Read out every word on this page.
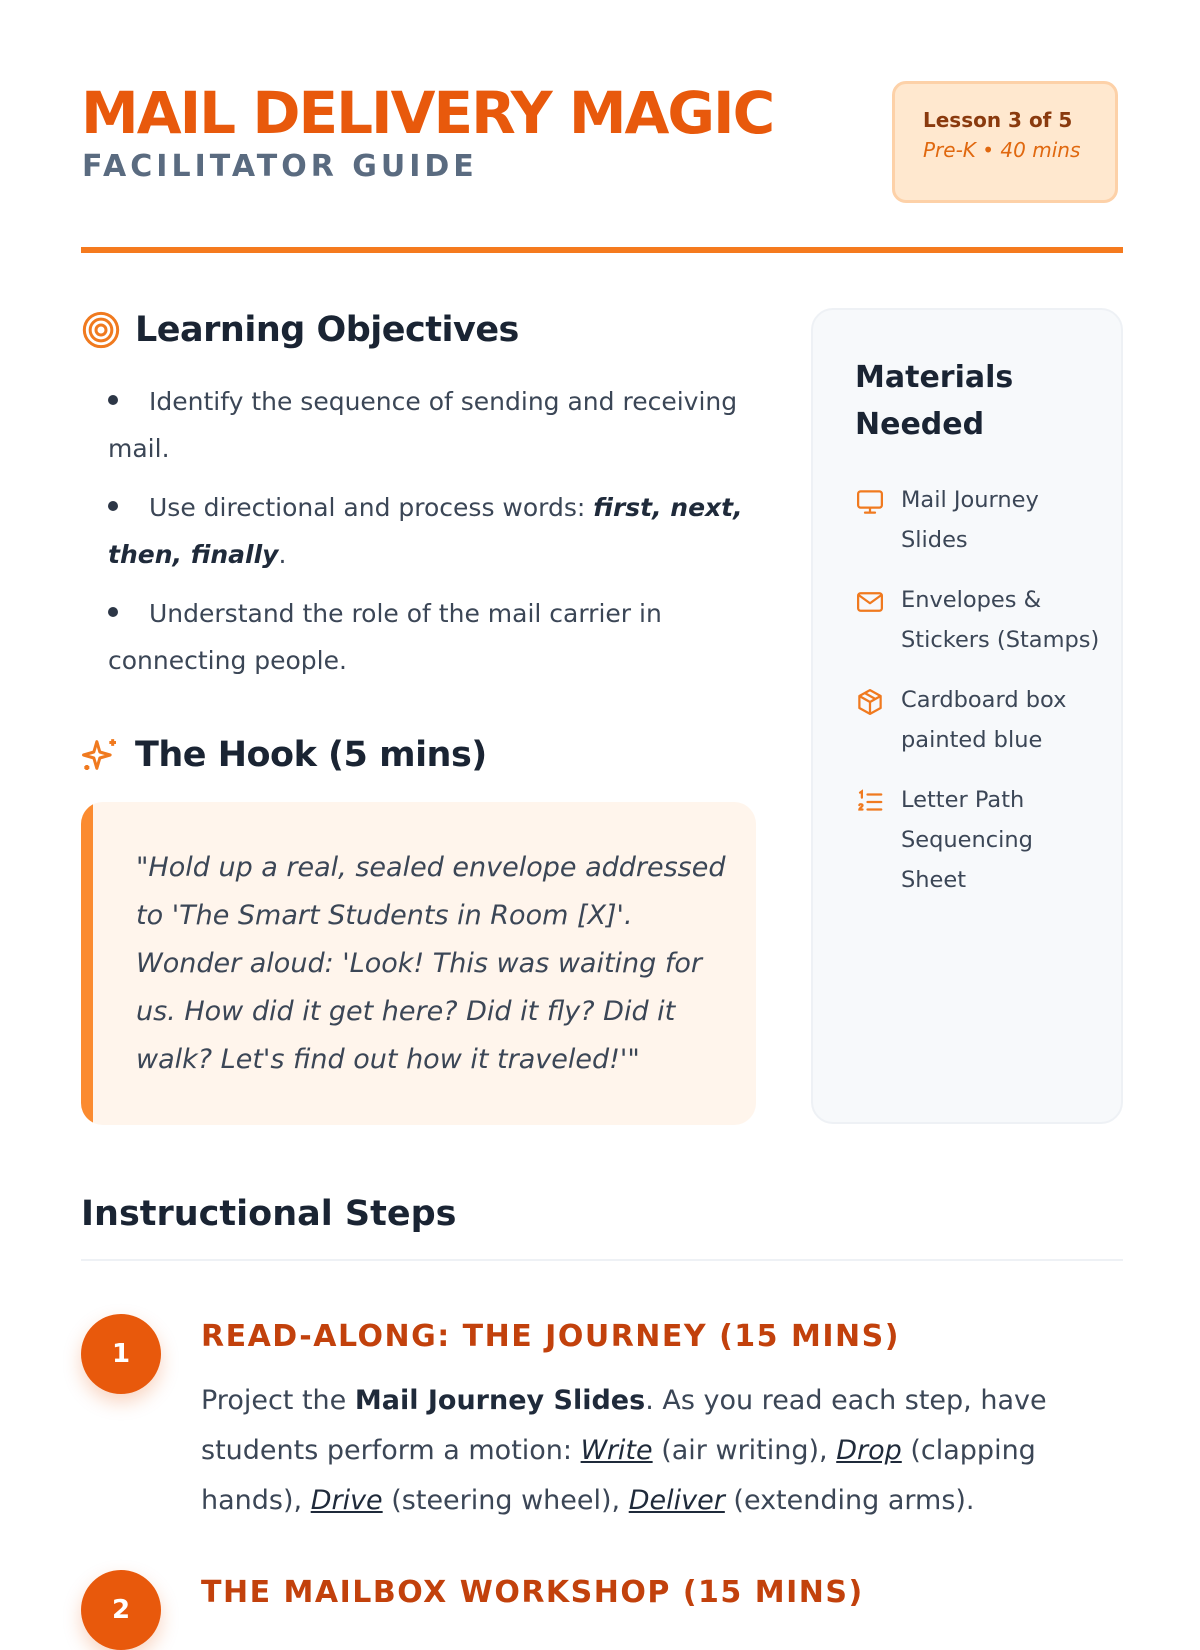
MAIL DELIVERY MAGIC
FACILITATOR GUIDE
Lesson 3 of 5
Pre-K • 40 mins
Learning Objectives
Identify the sequence of sending and receiving mail.
Use directional and process words: first, next, then, finally.
Understand the role of the mail carrier in connecting people.
The Hook (5 mins)

"Hold up a real, sealed envelope addressed to 'The Smart Students in Room [X]'. Wonder aloud: 'Look! This was waiting for us. How did it get here? Did it fly? Did it walk? Let's find out how it traveled!'"

Materials Needed
Mail Journey Slides
Envelopes & Stickers (Stamps)
Cardboard box painted blue
Letter Path Sequencing Sheet
Instructional Steps
1	READ-ALONG: THE JOURNEY (15 MINS)

Project the Mail Journey Slides. As you read each step, have students perform a motion: Write (air writing), Drop (clapping hands), Drive (steering wheel), Deliver (extending arms).

2	THE MAILBOX WORKSHOP (15 MINS)
